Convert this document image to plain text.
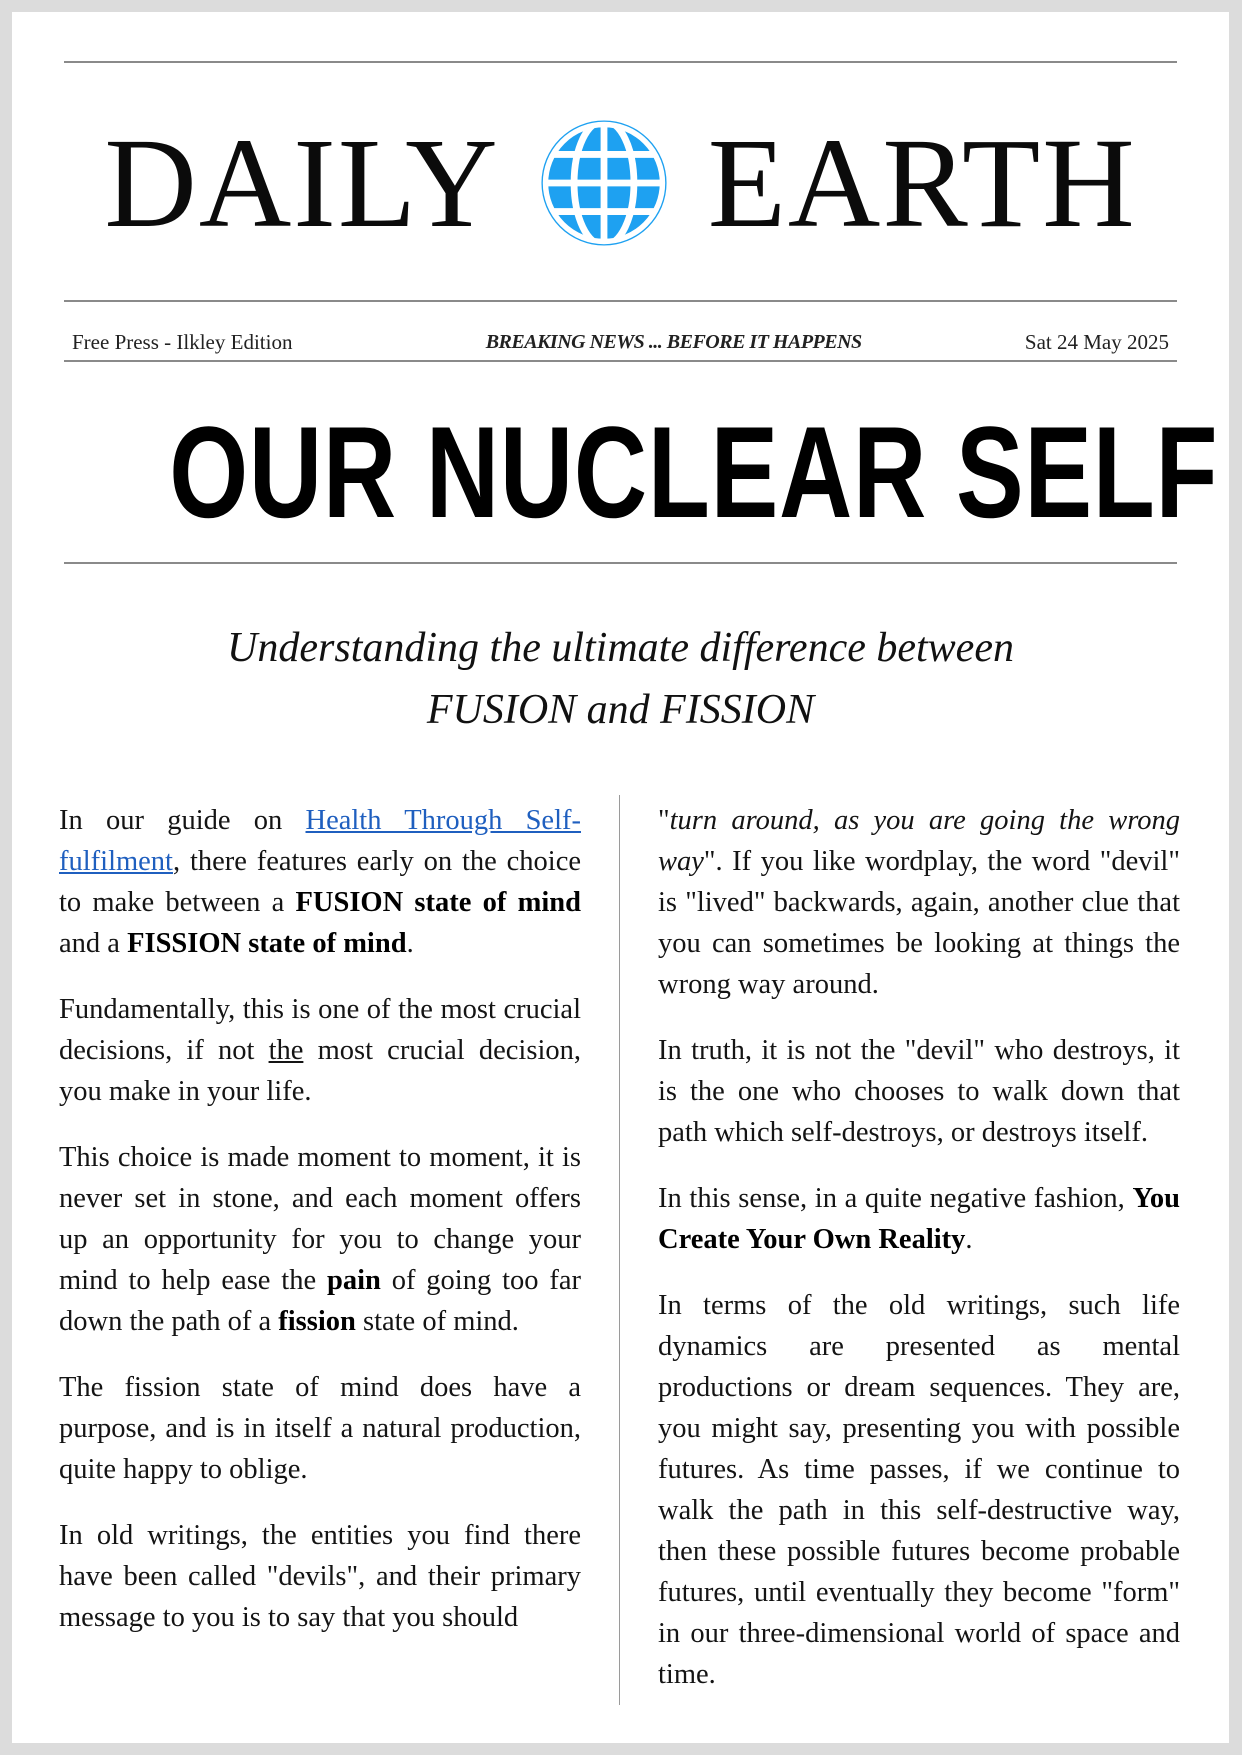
DAILY EARTH
Free Press - Ilkley Edition	BREAKING NEWS ... BEFORE IT HAPPENS	Sat 24 May 2025
OUR NUCLEAR SELF
Understanding the ultimate difference between
FUSION and FISSION

In our guide on Health Through Self-fulfilment, there features early on the choice to make between a FUSION state of mind and a FISSION state of mind.

Fundamentally, this is one of the most crucial decisions, if not the most crucial decision, you make in your life.

This choice is made moment to moment, it is never set in stone, and each moment offers up an opportunity for you to change your mind to help ease the pain of going too far down the path of a fission state of mind.

The fission state of mind does have a purpose, and is in itself a natural production, quite happy to oblige.

In old writings, the entities you find there have been called "devils", and their primary message to you is to say that you should

"turn around, as you are going the wrong way". If you like wordplay, the word "devil" is "lived" backwards, again, another clue that you can sometimes be looking at things the wrong way around.

In truth, it is not the "devil" who destroys, it is the one who chooses to walk down that path which self-destroys, or destroys itself.

In this sense, in a quite negative fashion, You Create Your Own Reality.

In terms of the old writings, such life dynamics are presented as mental productions or dream sequences. They are, you might say, presenting you with possible futures. As time passes, if we continue to walk the path in this self-destructive way, then these possible futures become probable futures, until eventually they become "form" in our three-dimensional world of space and time.
